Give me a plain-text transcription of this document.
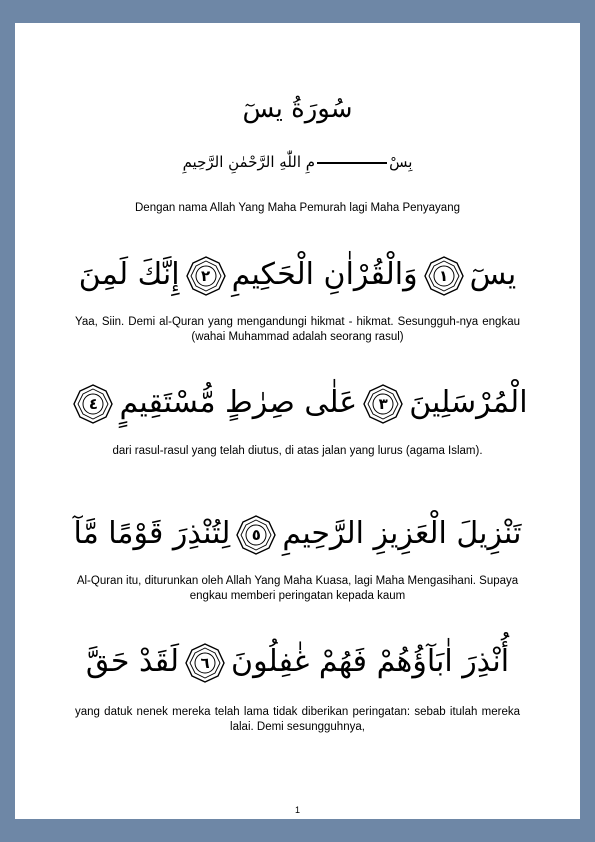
سُورَةُ يسٓ
بِسْمِ اللّٰهِ الرَّحْمٰنِ الرَّحِيمِ

Dengan nama Allah Yang Maha Pemurah lagi Maha Penyayang

يسٓ
١
وَالْقُرْاٰنِ الْحَكِيمِ
٢
إِنَّكَ لَمِنَ

Yaa, Siin. Demi al-Quran yang mengandungi hikmat - hikmat. Sesungguh-nya engkau (wahai Muhammad adalah seorang rasul)

الْمُرْسَلِينَ
٣
عَلٰى صِرٰطٍ مُّسْتَقِيمٍ
٤

dari rasul-rasul yang telah diutus, di atas jalan yang lurus (agama Islam).

تَنْزِيلَ الْعَزِيزِ الرَّحِيمِ
٥
لِتُنْذِرَ قَوْمًا مَّآ

Al-Quran itu, diturunkan oleh Allah Yang Maha Kuasa, lagi Maha Mengasihani. Supaya engkau memberi peringatan kepada kaum

أُنْذِرَ اٰبَآؤُهُمْ فَهُمْ غٰفِلُونَ
٦
لَقَدْ حَقَّ

yang datuk nenek mereka telah lama tidak diberikan peringatan: sebab itulah mereka lalai. Demi sesungguhnya,

1
